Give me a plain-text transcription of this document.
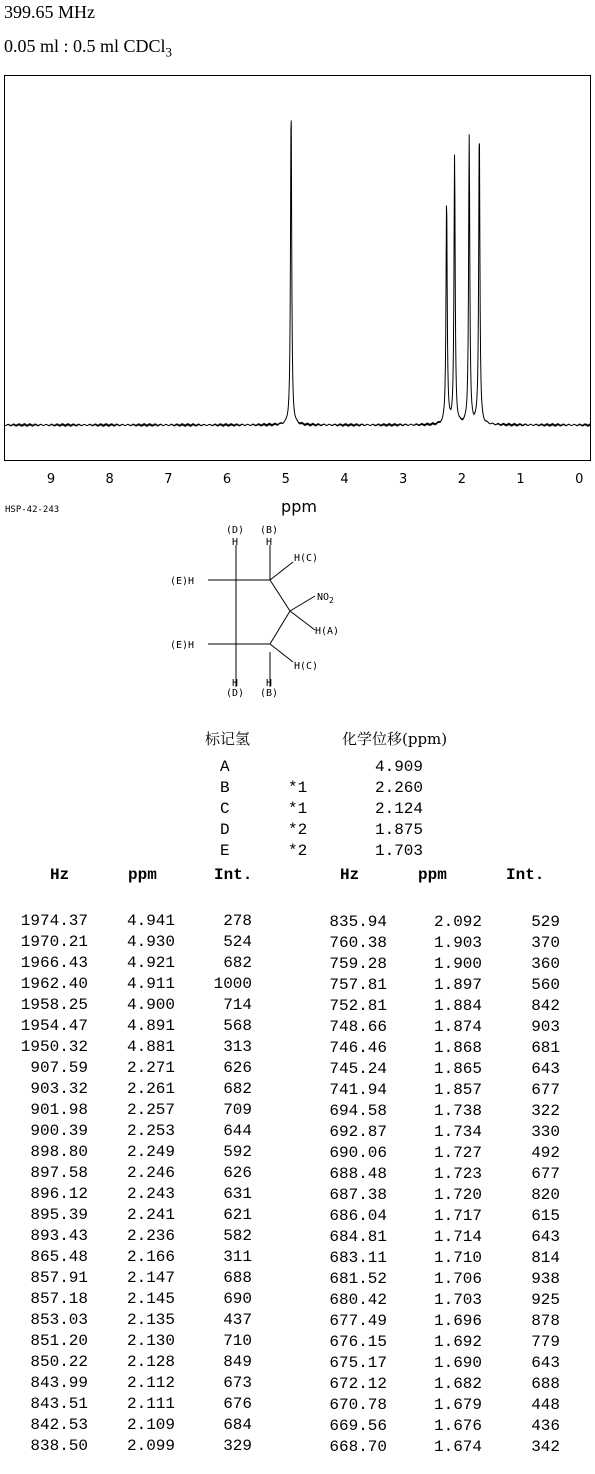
399.65 MHz
0.05 ml : 0.5 ml CDCl$_3$
9	8	7	6	5	4	3	2	1	0
ppm
HSP-42-243
(D) (B)
H	H
H(C)
(E)H
$NO_2$
H(A)
(E)H
H(C)
H	H
(D) (B)
标记氢	化学位移(ppm)
A	4.909
B	*1	2.260
C	*1	2.124
D	*2	1.875
E	*2	1.703
Hz	ppm	Int.	Hz	ppm	Int.
1974.37 4.941	278
1970.21 4.930	524
1966.43 4.921	682
1962.40 4.911 1000
1958.25 4.900	714
1954.47 4.891	568
1950.32 4.881	313
907.59 2.271	626
903.32 2.261	682
901.98 2.257	709
900.39 2.253	644
898.80 2.249	592
897.58 2.246	626
896.12 2.243	631
895.39 2.241	621
893.43 2.236	582
865.48 2.166	311
857.91 2.147	688
857.18 2.145	690
853.03 2.135	437
851.20 2.130	710
850.22 2.128	849
843.99 2.112	673
843.51 2.111	676
842.53 2.109	684
838.50 2.099	329
835.94	2.092	529
760.38	1.903	370
759.28	1.900	360
757.81	1.897	560
752.81	1.884	842
748.66	1.874	903
746.46	1.868	681
745.24	1.865	643
741.94	1.857	677
694.58	1.738	322
692.87	1.734	330
690.06	1.727	492
688.48	1.723	677
687.38	1.720	820
686.04	1.717	615
684.81	1.714	643
683.11	1.710	814
681.52	1.706	938
680.42	1.703	925
677.49	1.696	878
676.15	1.692	779
675.17	1.690	643
672.12	1.682	688
670.78	1.679	448
669.56	1.676	436
668.70	1.674	342
